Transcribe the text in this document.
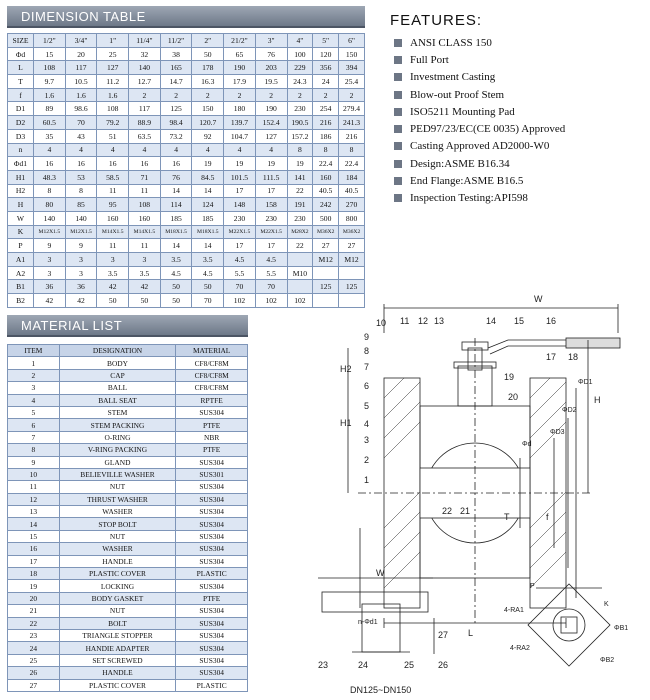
DIMENSION TABLE
SIZE	1/2"	3/4"	1"	11/4"	11/2"	2"	21/2"	3"	4"	5"	6"
Φd	15	20	25	32	38	50	65	76	100	120	150
L	108	117	127	140	165	178	190	203	229	356	394
T	9.7	10.5	11.2	12.7	14.7	16.3	17.9	19.5	24.3	24	25.4
f	1.6	1.6	1.6	2	2	2	2	2	2	2	2
D1	89	98.6	108	117	125	150	180	190	230	254	279.4
D2	60.5	70	79.2	88.9	98.4	120.7	139.7	152.4	190.5	216	241.3
D3	35	43	51	63.5	73.2	92	104.7	127	157.2	186	216
n	4	4	4	4	4	4	4	4	8	8	8
Φd1	16	16	16	16	16	19	19	19	19	22.4	22.4
H1	48.3	53	58.5	71	76	84.5	101.5	111.5	141	160	184
H2	8	8	11	11	14	14	17	17	22	40.5	40.5
H	80	85	95	108	114	124	148	158	191	242	270
W	140	140	160	160	185	185	230	230	230	500	800
K	M12X1.5	M12X1.5	M14X1.5	M14X1.5	M18X1.5	M18X1.5	M22X1.5	M22X1.5	M28X2	M36X2	M36X2
P	9	9	11	11	14	14	17	17	22	27	27
A1	3	3	3	3	3.5	3.5	4.5	4.5		M12	M12
A2	3	3	3.5	3.5	4.5	4.5	5.5	5.5	M10		
B1	36	36	42	42	50	50	70	70		125	125
B2	42	42	50	50	50	70	102	102	102		
MATERIAL LIST
ITEM	DESIGNATION	MATERIAL
1	BODY	CF8/CF8M
2	CAP	CF8/CF8M
3	BALL	CF8/CF8M
4	BALL SEAT	RPTFE
5	STEM	SUS304
6	STEM PACKING	PTFE
7	O-RING	NBR
8	V-RING PACKING	PTFE
9	GLAND	SUS304
10	BELIEVILLE WASHER	SUS301
11	NUT	SUS304
12	THRUST WASHER	SUS304
13	WASHER	SUS304
14	STOP BOLT	SUS304
15	NUT	SUS304
16	WASHER	SUS304
17	HANDLE	SUS304
18	PLASTIC COVER	PLASTIC
19	LOCKING	SUS304
20	BODY GASKET	PTFE
21	NUT	SUS304
22	BOLT	SUS304
23	TRIANGLE STOPPER	SUS304
24	HANDIE ADAPTER	SUS304
25	SET SCREWED	SUS304
26	HANDLE	SUS304
27	PLASTIC COVER	PLASTIC
FEATURES:
ANSI CLASS 150
Full Port
Investment Casting
Blow-out Proof Stem
ISO5211 Mounting Pad
PED97/23/EC(CE 0035) Approved
Casting Approved AD2000-W0
Design:ASME B16.34
End Flange:ASME B16.5
Inspection Testing:API598
10
9
8
7
6
5
4
3
2
1
11 12 13	14 15 16
17 18
19
20
21
22
W
H
H1
H2
L
T	f
Φd
ΦD3
ΦD2
ΦD1
n-Φd1
W
23	24	25	26
27
DN125~DN150
P
K
4-RA1
4-RA2
ΦB1
ΦB2
